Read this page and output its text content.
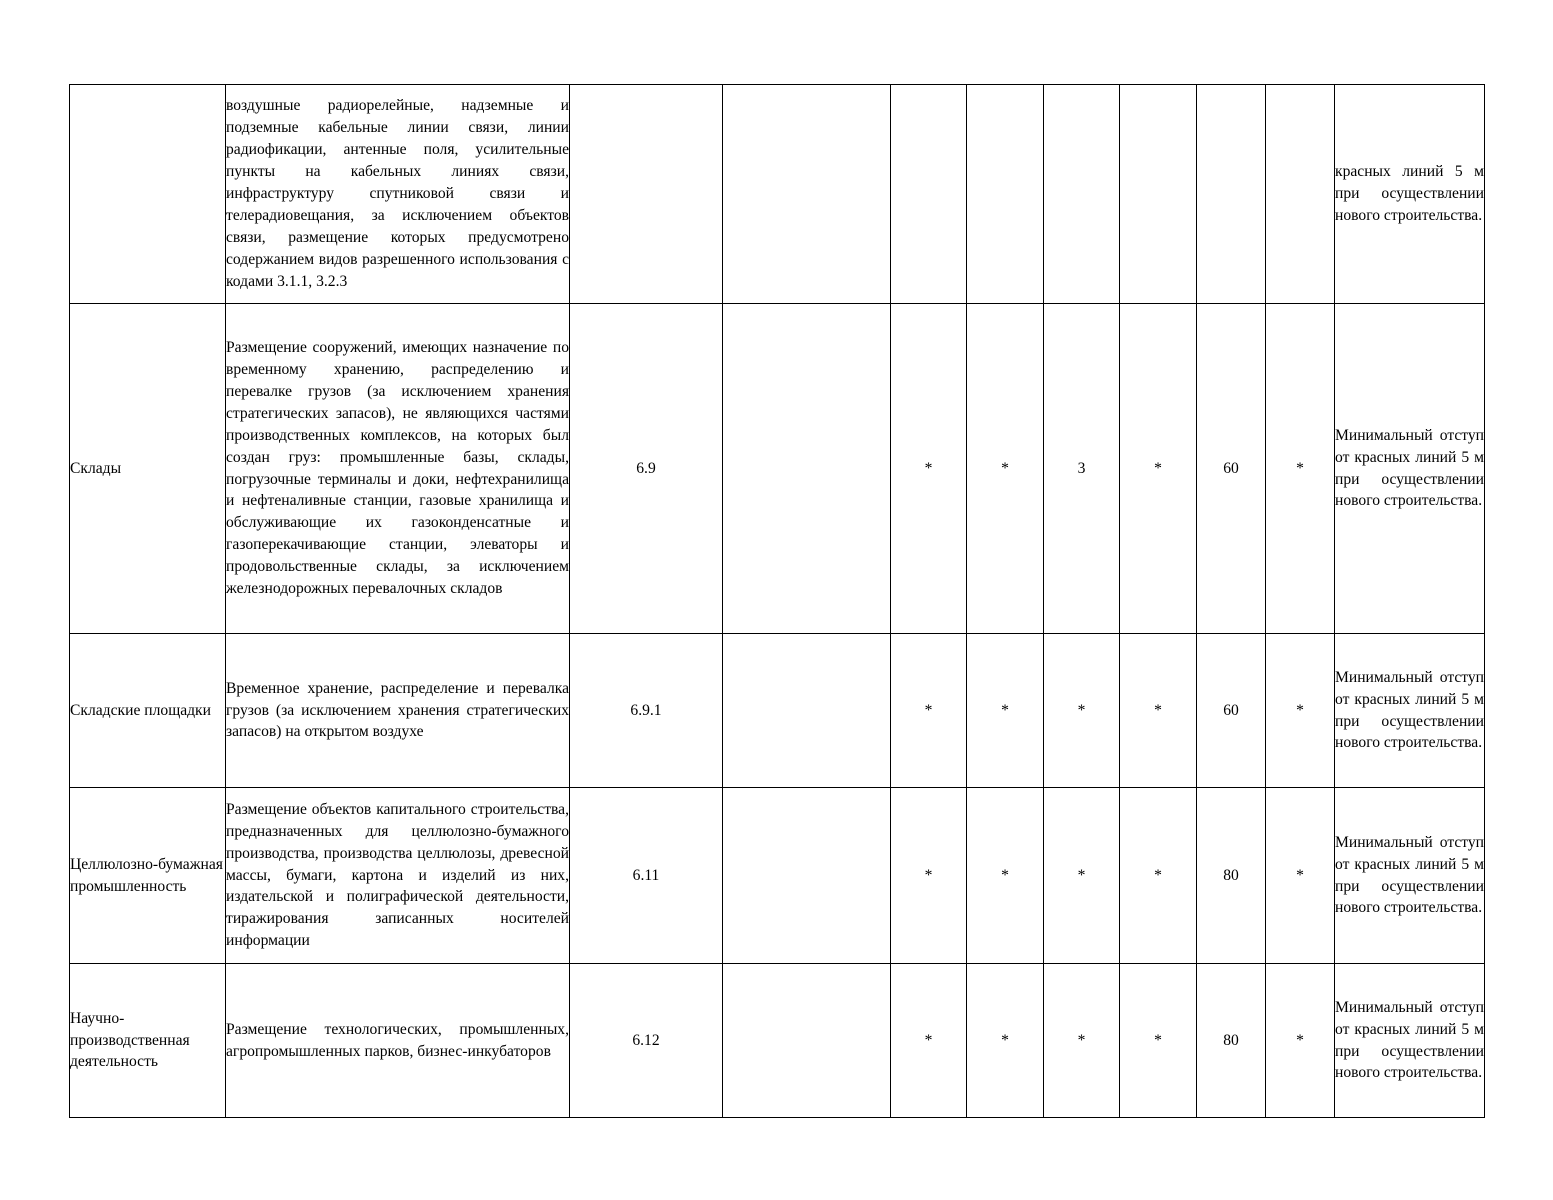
	воздушные радиорелейные, надземные и подземные кабельные линии связи, линии радиофикации, антенные поля, усилительные пункты на кабельных линиях связи, инфраструктуру спутниковой связи и телерадиовещания, за исключением объектов связи, размещение которых предусмотрено содержанием видов разрешенного использования с кодами 3.1.1, 3.2.3									красных линий 5 м при осуществлении нового строительства.
Склады	Размещение сооружений, имеющих назначение по временному хранению, распределению и перевалке грузов (за исключением хранения стратегических запасов), не являющихся частями производственных комплексов, на которых был создан груз: промышленные базы, склады, погрузочные терминалы и доки, нефтехранилища и нефтеналивные станции, газовые хранилища и обслуживающие их газоконденсатные и газоперекачивающие станции, элеваторы и продовольственные склады, за исключением железнодорожных перевалочных складов	6.9		*	*	3	*	60	*	Минимальный отступ от красных линий 5 м при осуществлении нового строительства.
Складские площадки	Временное хранение, распределение и перевалка грузов (за исключением хранения стратегических запасов) на открытом воздухе	6.9.1		*	*	*	*	60	*	Минимальный отступ от красных линий 5 м при осуществлении нового строительства.
Целлюлозно-бумажная промышленность	Размещение объектов капитального строительства, предназначенных для целлюлозно-бумажного производства, производства целлюлозы, древесной массы, бумаги, картона и изделий из них, издательской и полиграфической деятельности, тиражирования записанных носителей информации	6.11		*	*	*	*	80	*	Минимальный отступ от красных линий 5 м при осуществлении нового строительства.
Научно-производственная деятельность	Размещение технологических, промышленных, агропромышленных парков, бизнес-инкубаторов	6.12		*	*	*	*	80	*	Минимальный отступ от красных линий 5 м при осуществлении нового строительства.
